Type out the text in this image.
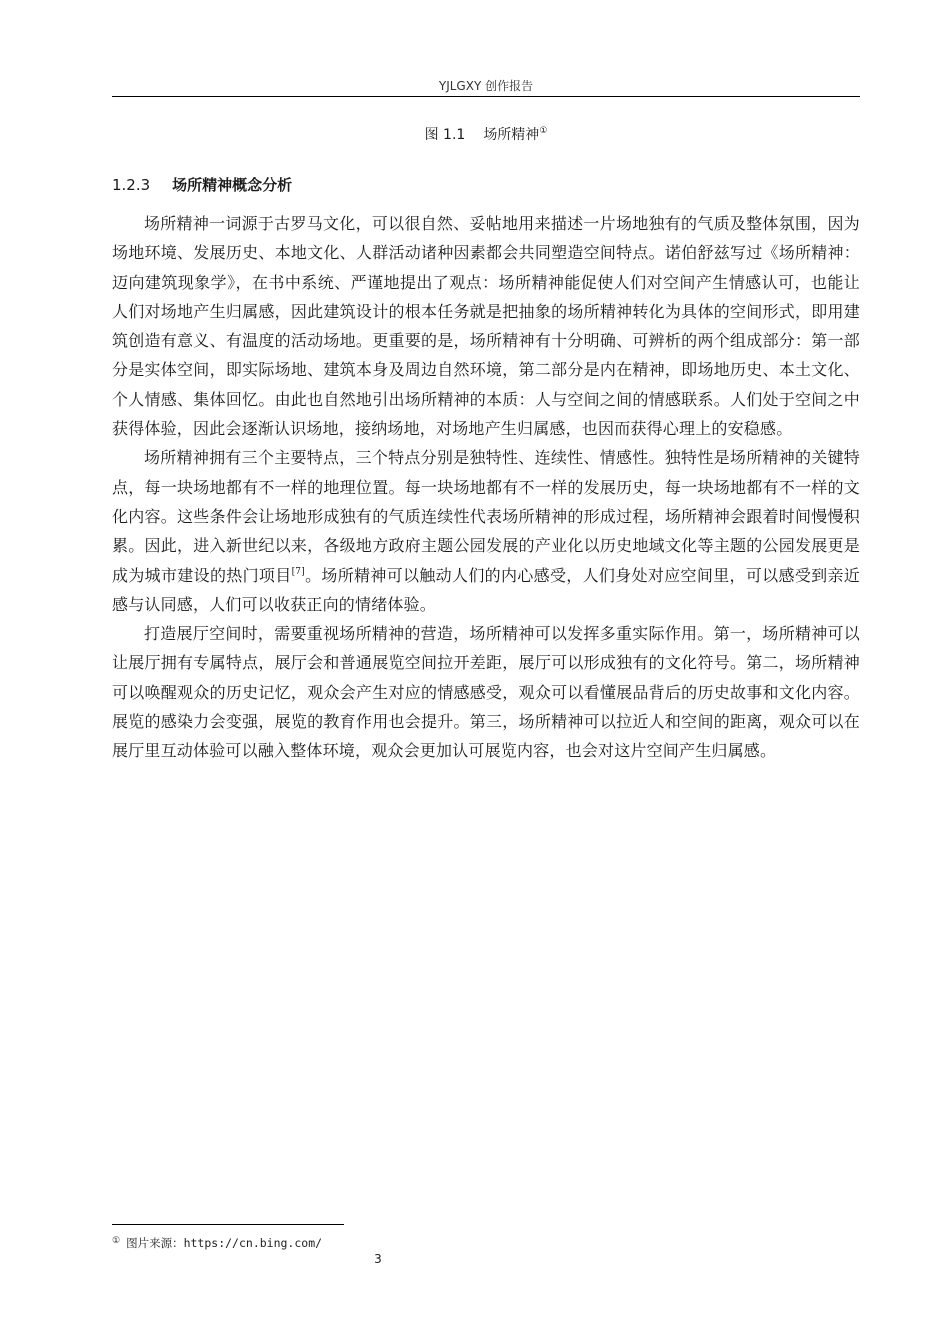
YJLGXY 创作报告
图 1.1 场所精神①
1.2.3 场所精神概念分析

场所精神一词源于古罗马文化，可以很自然、妥帖地用来描述一片场地独有的气质及整体氛围，因为场地环境、发展历史、本地文化、人群活动诸种因素都会共同塑造空间特点。诺伯舒兹写过《场所精神：迈向建筑现象学》，在书中系统、严谨地提出了观点：场所精神能促使人们对空间产生情感认可，也能让人们对场地产生归属感，因此建筑设计的根本任务就是把抽象的场所精神转化为具体的空间形式，即用建筑创造有意义、有温度的活动场地。更重要的是，场所精神有十分明确、可辨析的两个组成部分：第一部分是实体空间，即实际场地、建筑本身及周边自然环境，第二部分是内在精神，即场地历史、本土文化、个人情感、集体回忆。由此也自然地引出场所精神的本质：人与空间之间的情感联系。人们处于空间之中获得体验，因此会逐渐认识场地，接纳场地，对场地产生归属感，也因而获得心理上的安稳感。

场所精神拥有三个主要特点，三个特点分别是独特性、连续性、情感性。独特性是场所精神的关键特点，每一块场地都有不一样的地理位置。每一块场地都有不一样的发展历史，每一块场地都有不一样的文化内容。这些条件会让场地形成独有的气质连续性代表场所精神的形成过程，场所精神会跟着时间慢慢积累。因此，进入新世纪以来，各级地方政府主题公园发展的产业化以历史地域文化等主题的公园发展更是成为城市建设的热门项目[7]。场所精神可以触动人们的内心感受，人们身处对应空间里，可以感受到亲近感与认同感，人们可以收获正向的情绪体验。

打造展厅空间时，需要重视场所精神的营造，场所精神可以发挥多重实际作用。第一，场所精神可以让展厅拥有专属特点，展厅会和普通展览空间拉开差距，展厅可以形成独有的文化符号。第二，场所精神可以唤醒观众的历史记忆，观众会产生对应的情感感受，观众可以看懂展品背后的历史故事和文化内容。展览的感染力会变强，展览的教育作用也会提升。第三，场所精神可以拉近人和空间的距离，观众可以在展厅里互动体验可以融入整体环境，观众会更加认可展览内容，也会对这片空间产生归属感。

① 图片来源：https://cn.bing.com/
3
